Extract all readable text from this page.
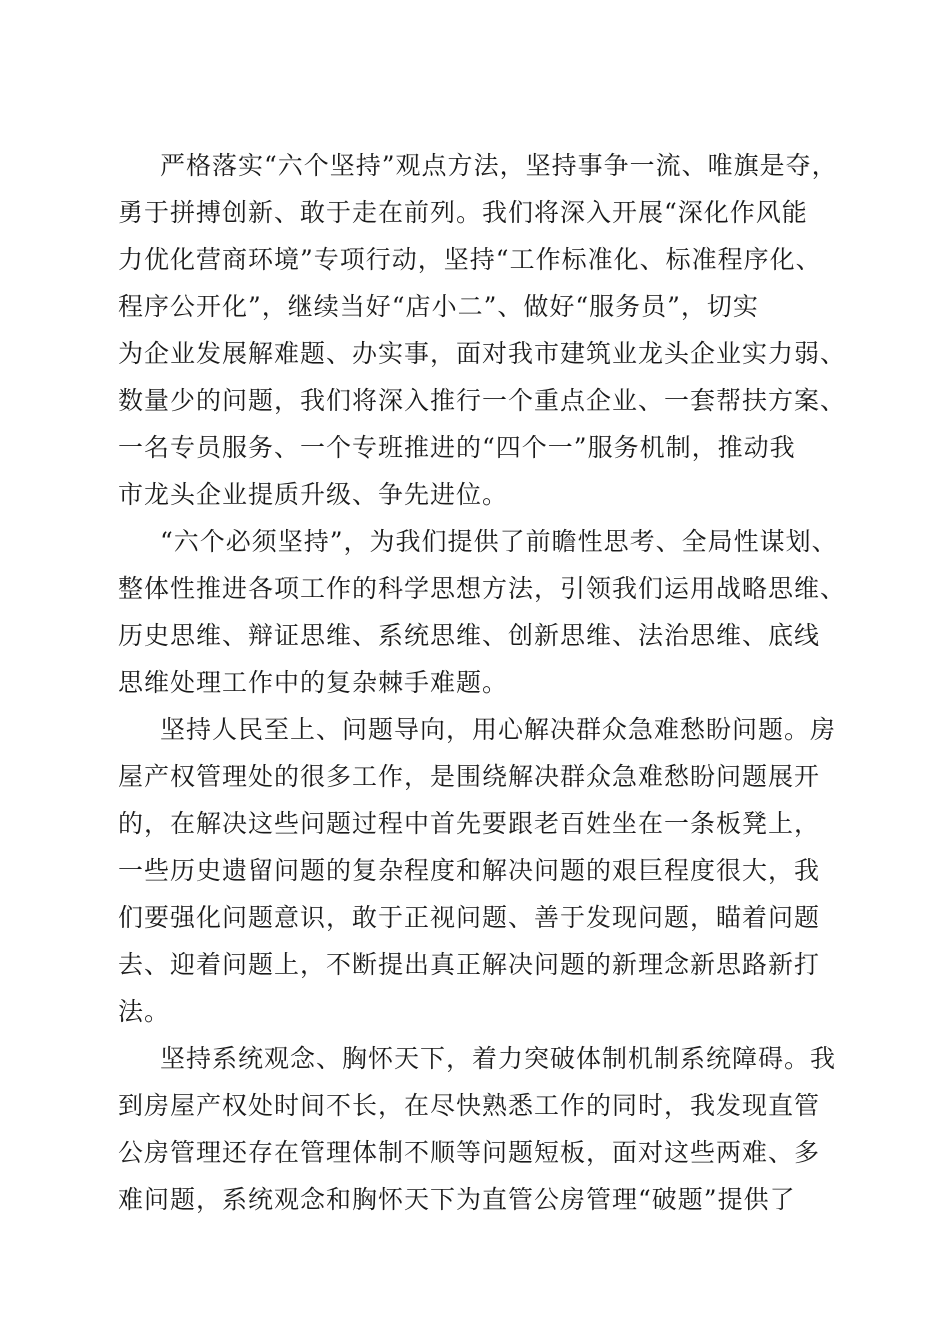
严格落实“六个坚持”观点方法，坚持事争一流、唯旗是夺，
勇于拼搏创新、敢于走在前列。我们将深入开展“深化作风能
力优化营商环境”专项行动，坚持“工作标准化、标准程序化、
程序公开化”，继续当好“店小二”、做好“服务员”，切实
为企业发展解难题、办实事，面对我市建筑业龙头企业实力弱、
数量少的问题，我们将深入推行一个重点企业、一套帮扶方案、
一名专员服务、一个专班推进的“四个一”服务机制，推动我
市龙头企业提质升级、争先进位。
“六个必须坚持”，为我们提供了前瞻性思考、全局性谋划、
整体性推进各项工作的科学思想方法，引领我们运用战略思维、
历史思维、辩证思维、系统思维、创新思维、法治思维、底线
思维处理工作中的复杂棘手难题。
坚持人民至上、问题导向，用心解决群众急难愁盼问题。房
屋产权管理处的很多工作，是围绕解决群众急难愁盼问题展开
的，在解决这些问题过程中首先要跟老百姓坐在一条板凳上，
一些历史遗留问题的复杂程度和解决问题的艰巨程度很大，我
们要强化问题意识，敢于正视问题、善于发现问题，瞄着问题
去、迎着问题上，不断提出真正解决问题的新理念新思路新打
法。
坚持系统观念、胸怀天下，着力突破体制机制系统障碍。我
到房屋产权处时间不长，在尽快熟悉工作的同时，我发现直管
公房管理还存在管理体制不顺等问题短板，面对这些两难、多
难问题，系统观念和胸怀天下为直管公房管理“破题”提供了
